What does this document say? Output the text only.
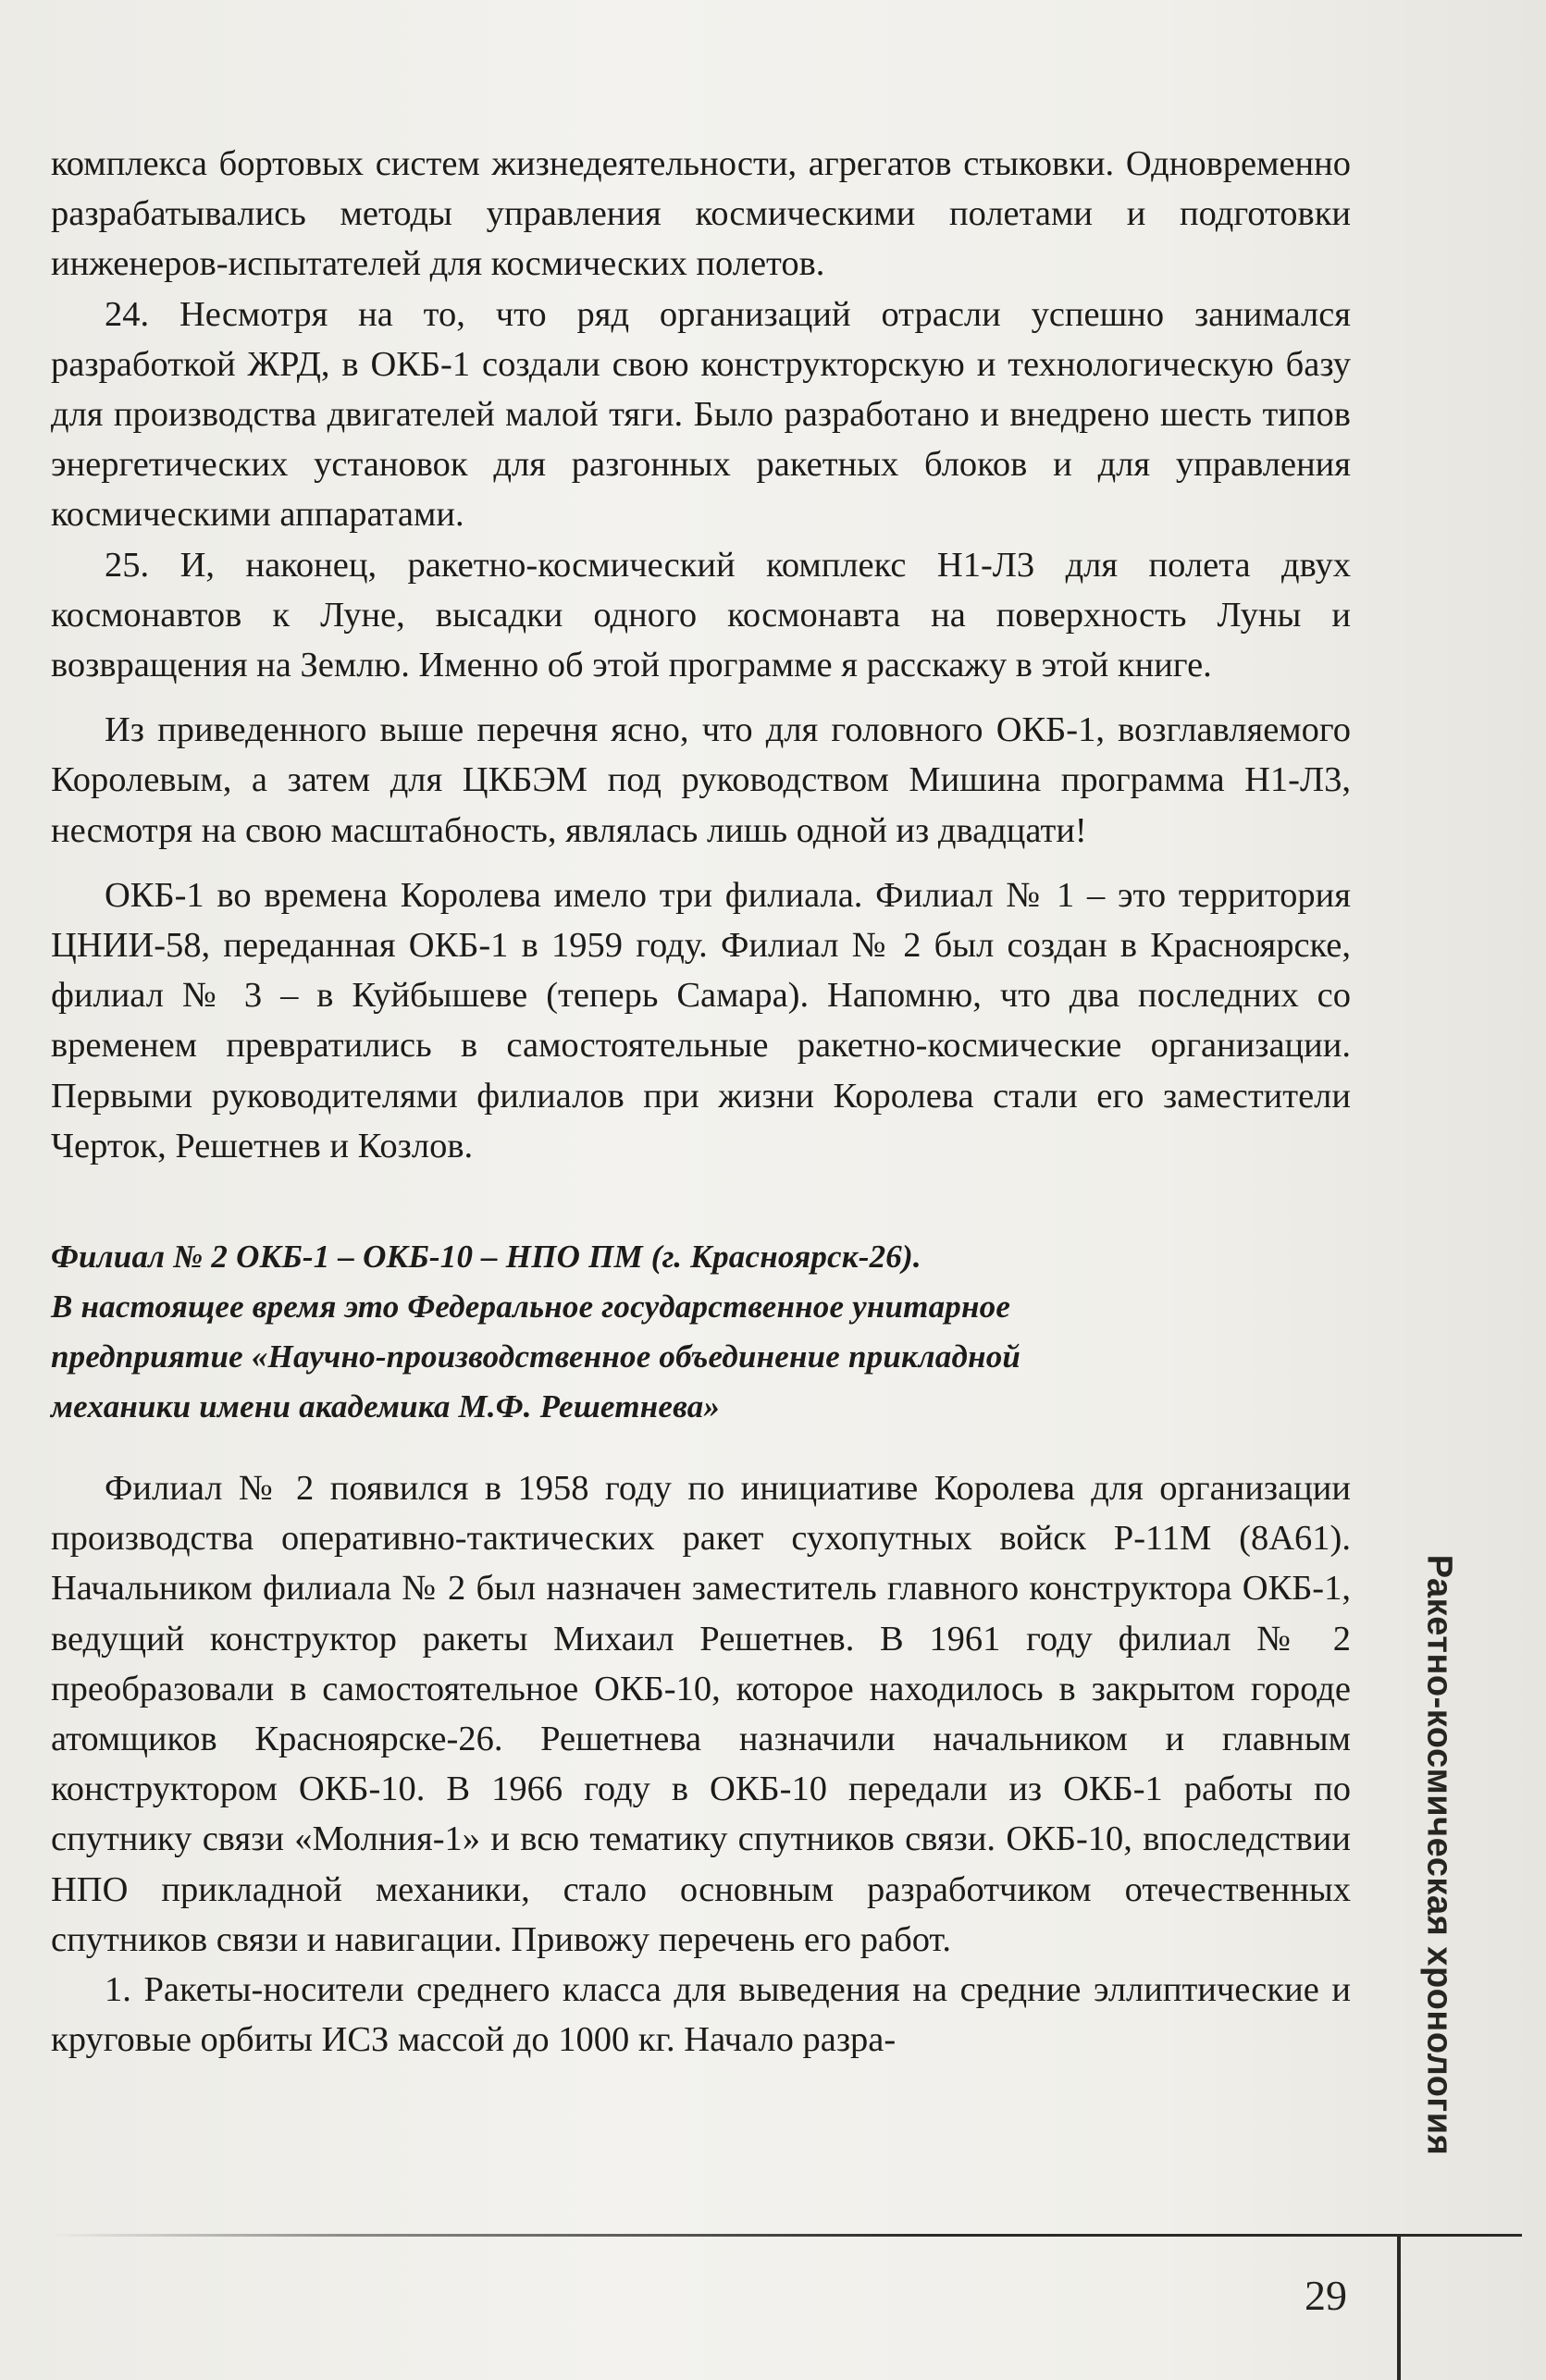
комплекса бортовых систем жизнедеятельности, агрегатов стыковки. Одновременно разрабатывались методы управления космическими полетами и подготовки инженеров-испытателей для космических полетов.

24. Несмотря на то, что ряд организаций отрасли успешно занимался разработкой ЖРД, в ОКБ-1 создали свою конструкторскую и технологическую базу для производства двигателей малой тяги. Было разработано и внедрено шесть типов энергетических установок для разгонных ракетных блоков и для управления космическими аппаратами.

25. И, наконец, ракетно-космический комплекс Н1-Л3 для полета двух космонавтов к Луне, высадки одного космонавта на поверхность Луны и возвращения на Землю. Именно об этой программе я расскажу в этой книге.

Из приведенного выше перечня ясно, что для головного ОКБ-1, возглавляемого Королевым, а затем для ЦКБЭМ под руководством Мишина программа Н1-Л3, несмотря на свою масштабность, являлась лишь одной из двадцати!

ОКБ-1 во времена Королева имело три филиала. Филиал № 1 – это территория ЦНИИ-58, переданная ОКБ-1 в 1959 году. Филиал № 2 был создан в Красноярске, филиал № 3 – в Куйбышеве (теперь Самара). Напомню, что два последних со временем превратились в самостоятельные ракетно-космические организации. Первыми руководителями филиалов при жизни Королева стали его заместители Черток, Решетнев и Козлов.

Филиал № 2 ОКБ-1 – ОКБ-10 – НПО ПМ (г. Красноярск-26).
В настоящее время это Федеральное государственное унитарное
предприятие «Научно-производственное объединение прикладной
механики имени академика М.Ф. Решетнева»

Филиал № 2 появился в 1958 году по инициативе Королева для организации производства оперативно-тактических ракет сухопутных войск Р-11М (8А61). Начальником филиала № 2 был назначен заместитель главного конструктора ОКБ-1, ведущий конструктор ракеты Михаил Решетнев. В 1961 году филиал № 2 преобразовали в самостоятельное ОКБ-10, которое находилось в закрытом городе атомщиков Красноярске-26. Решетнева назначили начальником и главным конструктором ОКБ-10. В 1966 году в ОКБ-10 передали из ОКБ-1 работы по спутнику связи «Молния-1» и всю тематику спутников связи. ОКБ-10, впоследствии НПО прикладной механики, стало основным разработчиком отечественных спутников связи и навигации. Привожу перечень его работ.

1. Ракеты-носители среднего класса для выведения на средние эллиптические и круговые орбиты ИСЗ массой до 1000 кг. Начало разра-	Ракетно-космическая хронология
29
